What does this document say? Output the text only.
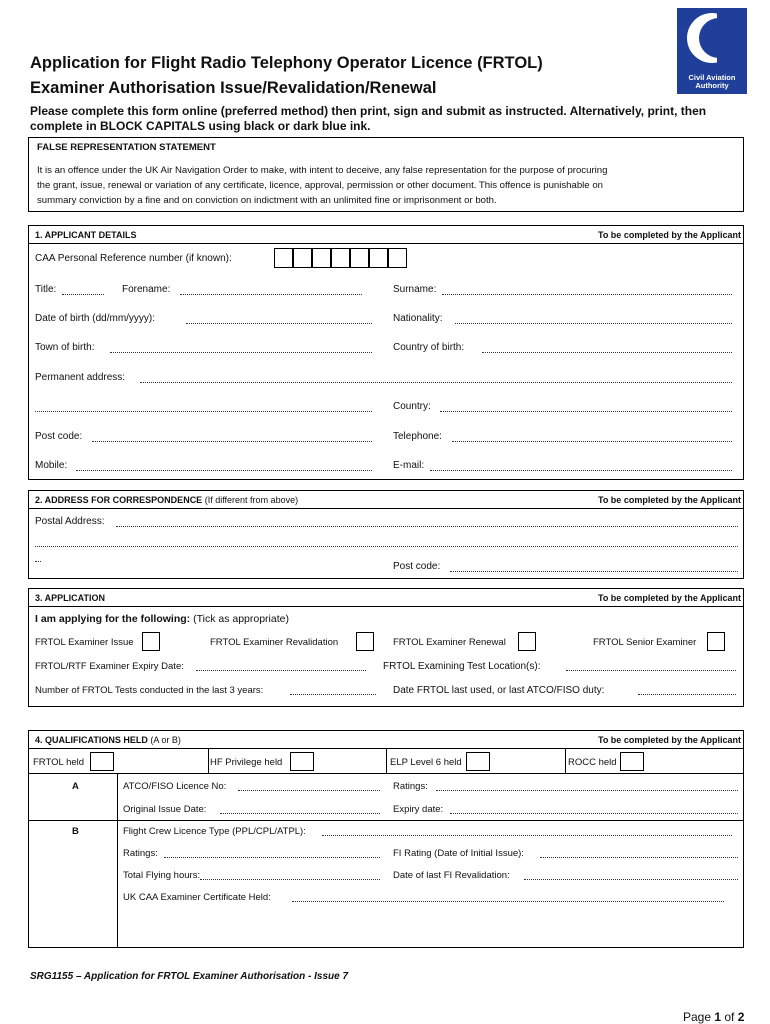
Application for Flight Radio Telephony Operator Licence (FRTOL)
Examiner Authorisation Issue/Revalidation/Renewal
Please complete this form online (preferred method) then print, sign and submit as instructed. Alternatively, print, then complete in BLOCK CAPITALS using black or dark blue ink.
Civil Aviation
Authority
FALSE REPRESENTATION STATEMENT
It is an offence under the UK Air Navigation Order to make, with intent to deceive, any false representation for the purpose of procuring
the grant, issue, renewal or variation of any certificate, licence, approval, permission or other document. This offence is punishable on
summary conviction by a fine and on conviction on indictment with an unlimited fine or imprisonment or both.
1. APPLICANT DETAILS	To be completed by the Applicant
CAA Personal Reference number (if known):
Title:	Forename:	Surname:
Date of birth (dd/mm/yyyy):	Nationality:
Town of birth:	Country of birth:
Permanent address:
Country:
Post code:	Telephone:
Mobile:	E-mail:
2. ADDRESS FOR CORRESPONDENCE (If different from above)	To be completed by the Applicant
Postal Address:
Post code:
3. APPLICATION	To be completed by the Applicant
I am applying for the following: (Tick as appropriate)
FRTOL Examiner Issue	FRTOL Examiner Revalidation	FRTOL Examiner Renewal	FRTOL Senior Examiner
FRTOL/RTF Examiner Expiry Date:	FRTOL Examining Test Location(s):
Number of FRTOL Tests conducted in the last 3 years:	Date FRTOL last used, or last ATCO/FISO duty:
4. QUALIFICATIONS HELD (A or B)	To be completed by the Applicant
FRTOL held	HF Privilege held	ELP Level 6 held	ROCC held
A	ATCO/FISO Licence No:	Ratings:
Original Issue Date:	Expiry date:
B	Flight Crew Licence Type (PPL/CPL/ATPL):
Ratings:	FI Rating (Date of Initial Issue):
Total Flying hours:	Date of last FI Revalidation:
UK CAA Examiner Certificate Held:
SRG1155 – Application for FRTOL Examiner Authorisation - Issue 7
Page 1 of 2
